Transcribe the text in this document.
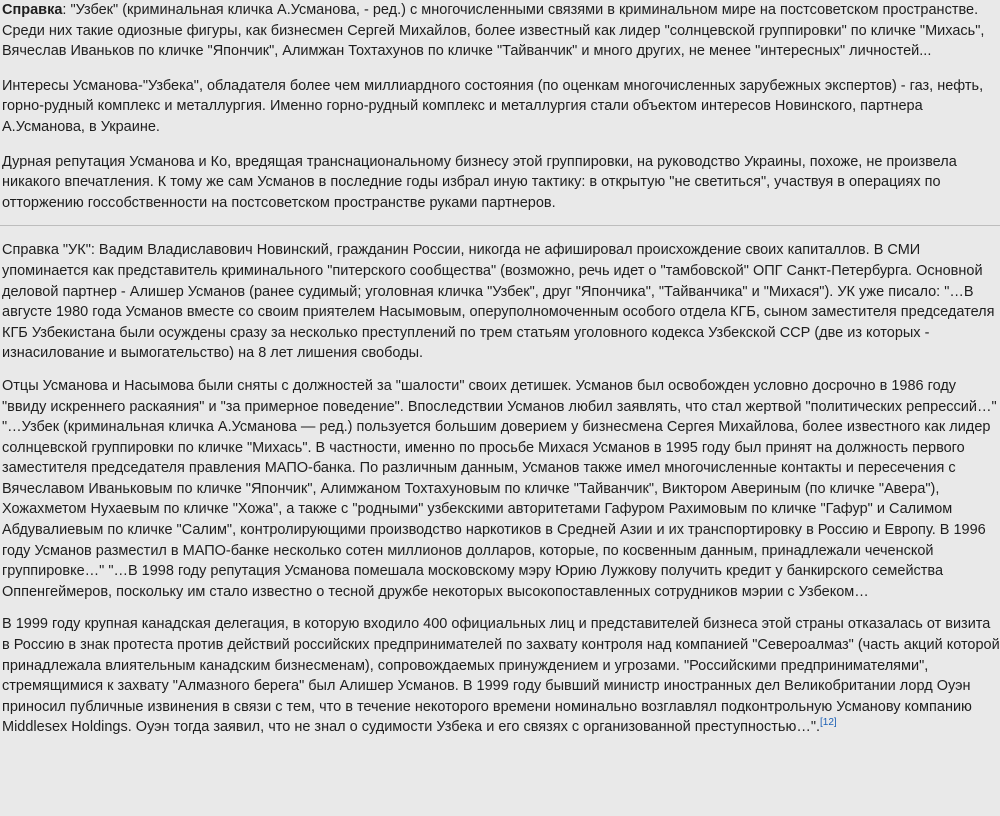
Справка: "Узбек" (криминальная кличка А.Усманова, - ред.) с многочисленными связями в криминальном мире на постсоветском пространстве. Среди них такие одиозные фигуры, как бизнесмен Сергей Михайлов, более известный как лидер "солнцевской группировки" по кличке "Михась", Вячеслав Иваньков по кличке "Япончик", Алимжан Тохтахунов по кличке "Тайванчик" и много других, не менее "интересных" личностей...

Интересы Усманова-"Узбека", обладателя более чем миллиардного состояния (по оценкам многочисленных зарубежных экспертов) - газ, нефть, горно-рудный комплекс и металлургия. Именно горно-рудный комплекс и металлургия стали объектом интересов Новинского, партнера А.Усманова, в Украине.

Дурная репутация Усманова и Ко, вредящая транснациональному бизнесу этой группировки, на руководство Украины, похоже, не произвела никакого впечатления. К тому же сам Усманов в последние годы избрал иную тактику: в открытую "не светиться", участвуя в операциях по отторжению госсобственности на постсоветском пространстве руками партнеров.

Справка "УК": Вадим Владиславович Новинский, гражданин России, никогда не афишировал происхождение своих капиталлов. В СМИ упоминается как представитель криминального "питерского сообщества" (возможно, речь идет о "тамбовской" ОПГ Санкт-Петербурга. Основной деловой партнер - Алишер Усманов (ранее судимый; уголовная кличка "Узбек", друг "Япончика", "Тайванчика" и "Михася"). УК уже писало: "…В августе 1980 года Усманов вместе со своим приятелем Насымовым, оперуполномоченным особого отдела КГБ, сыном заместителя председателя КГБ Узбекистана были осуждены сразу за несколько преступлений по трем статьям уголовного кодекса Узбекской ССР (две из которых - изнасилование и вымогательство) на 8 лет лишения свободы.

Отцы Усманова и Насымова были сняты с должностей за "шалости" своих детишек. Усманов был освобожден условно досрочно в 1986 году "ввиду искреннего раскаяния" и "за примерное поведение". Впоследствии Усманов любил заявлять, что стал жертвой "политических репрессий…" "…Узбек (криминальная кличка А.Усманова — ред.) пользуется большим доверием у бизнесмена Сергея Михайлова, более известного как лидер солнцевской группировки по кличке "Михась". В частности, именно по просьбе Михася Усманов в 1995 году был принят на должность первого заместителя председателя правления МАПО-банка. По различным данным, Усманов также имел многочисленные контакты и пересечения с Вячеславом Иваньковым по кличке "Япончик", Алимжаном Тохтахуновым по кличке "Тайванчик", Виктором Авериным (по кличке "Авера"), Хожахметом Нухаевым по кличке "Хожа", а также с "родными" узбекскими авторитетами Гафуром Рахимовым по кличке "Гафур" и Салимом Абдувалиевым по кличке "Салим", контролирующими производство наркотиков в Средней Азии и их транспортировку в Россию и Европу. В 1996 году Усманов разместил в МАПО-банке несколько сотен миллионов долларов, которые, по косвенным данным, принадлежали чеченской группировке…" "…В 1998 году репутация Усманова помешала московскому мэру Юрию Лужкову получить кредит у банкирского семейства Оппенгеймеров, поскольку им стало известно о тесной дружбе некоторых высокопоставленных сотрудников мэрии с Узбеком…

В 1999 году крупная канадская делегация, в которую входило 400 официальных лиц и представителей бизнеса этой страны отказалась от визита в Россию в знак протеста против действий российских предпринимателей по захвату контроля над компанией "Североалмаз" (часть акций которой принадлежала влиятельным канадским бизнесменам), сопровождаемых принуждением и угрозами. "Российскими предпринимателями", стремящимися к захвату "Алмазного берега" был Алишер Усманов. В 1999 году бывший министр иностранных дел Великобритании лорд Оуэн приносил публичные извинения в связи с тем, что в течение некоторого времени номинально возглавлял подконтрольную Усманову компанию Middlesex Holdings. Оуэн тогда заявил, что не знал о судимости Узбека и его связях с организованной преступностью…".[12]
